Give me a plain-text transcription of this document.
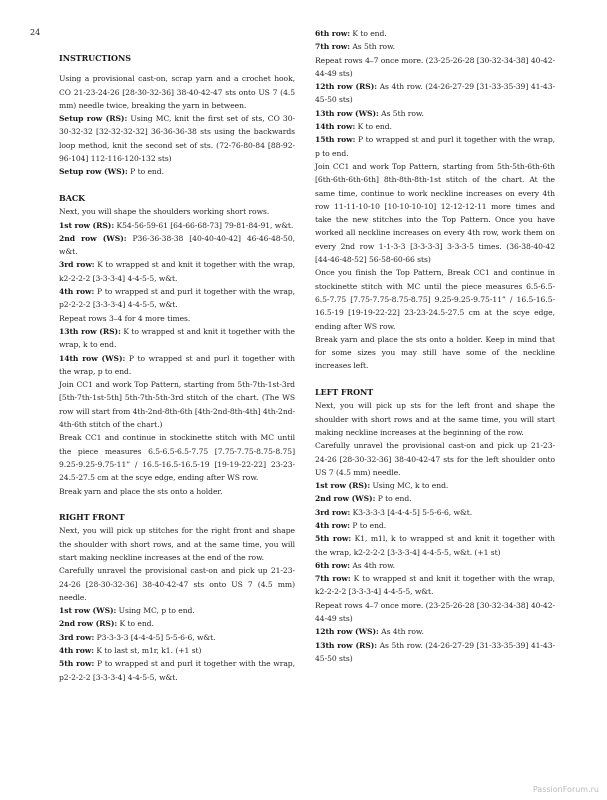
24
INSTRUCTIONS

Using a provisional cast-on, scrap yarn and a crochet hook, CO 21-23-24-26 [28-30-32-36] 38-40-42-47 sts onto US 7 (4.5 mm) needle twice, breaking the yarn in between.

Setup row (RS): Using MC, knit the first set of sts, CO 30-30-32-32 [32-32-32-32] 36-36-36-38 sts using the backwards loop method, knit the second set of sts. (72-76-80-84 [88-92-96-104] 112-116-120-132 sts)

Setup row (WS): P to end.

BACK

Next, you will shape the shoulders working short rows.

1st row (RS): K54-56-59-61 [64-66-68-73] 79-81-84-91, w&t.

2nd row (WS): P36-36-38-38 [40-40-40-42] 46-46-48-50, w&t.

3rd row: K to wrapped st and knit it together with the wrap, k2-2-2-2 [3-3-3-4] 4-4-5-5, w&t.

4th row: P to wrapped st and purl it together with the wrap, p2-2-2-2 [3-3-3-4] 4-4-5-5, w&t.

Repeat rows 3–4 for 4 more times.

13th row (RS): K to wrapped st and knit it together with the wrap, k to end.

14th row (WS): P to wrapped st and purl it together with the wrap, p to end.

Join CC1 and work Top Pattern, starting from 5th-7th-1st-3rd [5th-7th-1st-5th] 5th-7th-5th-3rd stitch of the chart. (The WS row will start from 4th-2nd-8th-6th [4th-2nd-8th-4th] 4th-2nd-4th-6th stitch of the chart.)

Break CC1 and continue in stockinette stitch with MC until the piece measures 6.5-6.5-6.5-7.75 [7.75-7.75-8.75-8.75] 9.25-9.25-9.75-11” / 16.5-16.5-16.5-19 [19-19-22-22] 23-23-24.5-27.5 cm at the scye edge, ending after WS row.

Break yarn and place the sts onto a holder.

RIGHT FRONT

Next, you will pick up stitches for the right front and shape the shoulder with short rows, and at the same time, you will start making neckline increases at the end of the row.

Carefully unravel the provisional cast-on and pick up 21-23-24-26 [28-30-32-36] 38-40-42-47 sts onto US 7 (4.5 mm) needle.

1st row (WS): Using MC, p to end.

2nd row (RS): K to end.

3rd row: P3-3-3-3 [4-4-4-5] 5-5-6-6, w&t.

4th row: K to last st, m1r, k1. (+1 st)

5th row: P to wrapped st and purl it together with the wrap, p2-2-2-2 [3-3-3-4] 4-4-5-5, w&t.

6th row: K to end.

7th row: As 5th row.

Repeat rows 4–7 once more. (23-25-26-28 [30-32-34-38] 40-42-44-49 sts)

12th row (RS): As 4th row. (24-26-27-29 [31-33-35-39] 41-43-45-50 sts)

13th row (WS): As 5th row.

14th row: K to end.

15th row: P to wrapped st and purl it together with the wrap, p to end.

Join CC1 and work Top Pattern, starting from 5th-5th-6th-6th [6th-6th-6th-6th] 8th-8th-8th-1st stitch of the chart. At the same time, continue to work neckline increases on every 4th row 11-11-10-10 [10-10-10-10] 12-12-12-11 more times and take the new stitches into the Top Pattern. Once you have worked all neckline increases on every 4th row, work them on every 2nd row 1-1-3-3 [3-3-3-3] 3-3-3-5 times. (36-38-40-42 [44-46-48-52] 56-58-60-66 sts)

Once you finish the Top Pattern, Break CC1 and continue in stockinette stitch with MC until the piece measures 6.5-6.5-6.5-7.75 [7.75-7.75-8.75-8.75] 9.25-9.25-9.75-11” / 16.5-16.5-16.5-19 [19-19-22-22] 23-23-24.5-27.5 cm at the scye edge, ending after WS row.

Break yarn and place the sts onto a holder. Keep in mind that for some sizes you may still have some of the neckline increases left.

LEFT FRONT

Next, you will pick up sts for the left front and shape the shoulder with short rows and at the same time, you will start making neckline increases at the beginning of the row.

Carefully unravel the provisional cast-on and pick up 21-23-24-26 [28-30-32-36] 38-40-42-47 sts for the left shoulder onto US 7 (4.5 mm) needle.

1st row (RS): Using MC, k to end.

2nd row (WS): P to end.

3rd row: K3-3-3-3 [4-4-4-5] 5-5-6-6, w&t.

4th row: P to end.

5th row: K1, m1l, k to wrapped st and knit it together with the wrap, k2-2-2-2 [3-3-3-4] 4-4-5-5, w&t. (+1 st)

6th row: As 4th row.

7th row: K to wrapped st and knit it together with the wrap, k2-2-2-2 [3-3-3-4] 4-4-5-5, w&t.

Repeat rows 4–7 once more. (23-25-26-28 [30-32-34-38] 40-42-44-49 sts)

12th row (WS): As 4th row.

13th row (RS): As 5th row. (24-26-27-29 [31-33-35-39] 41-43-45-50 sts)

PassionForum.ru
